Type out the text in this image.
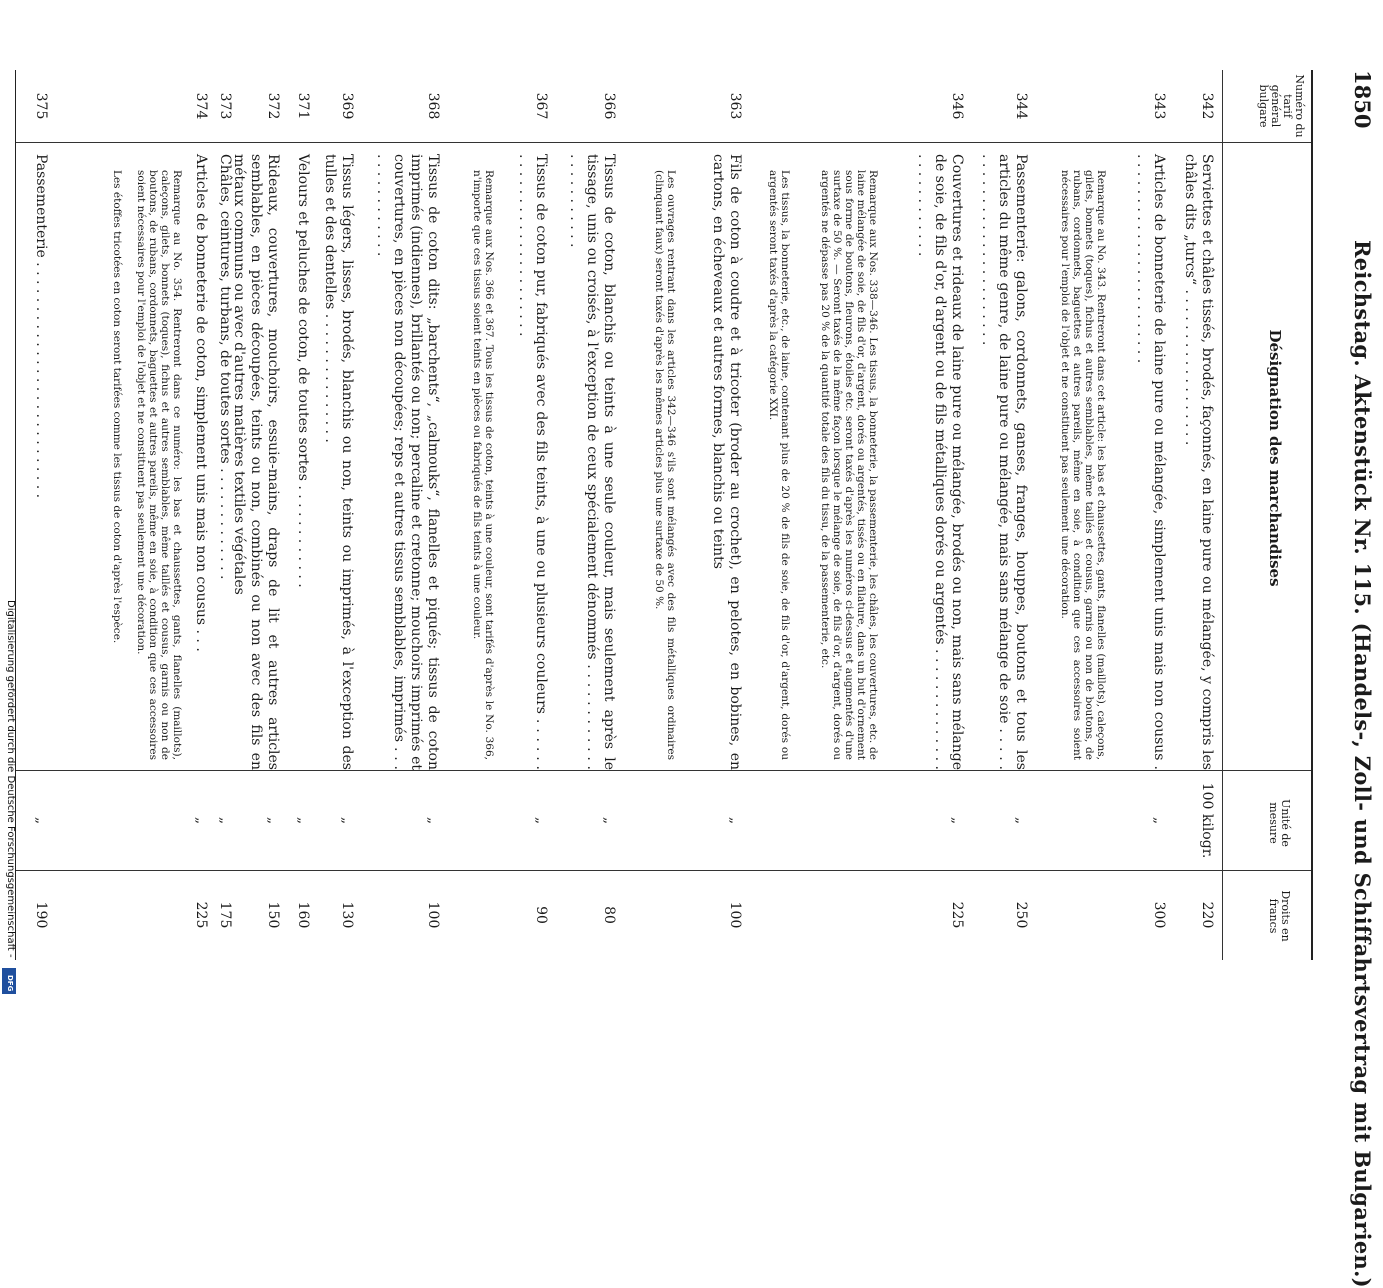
1850
Reichstag. Aktenstück Nr. 115. (Handels-, Zoll- und Schiffahrtsvertrag mit Bulgarien.)
Numéro du tarif général bulgare
Désignation des marchandises
Unité de mesure
Droits en francs
342
Serviettes et châles tissés, brodés, façonnés, en laine pure ou mélangée, y compris les châles dits „turcs“ . . . . . . . . . . . . . . . . . .
100 kilogr.
220
343
Articles de bonneterie de laine pure ou mélangée, simplement unis mais non cousus . . . . . . . . . . . . . . . . . . . . . . . . .
„
300
Remarque au No. 343. Rentreront dans cet article: les bas et chaussettes, gants, flanelles (maillots), caleçons, gilets, bonnets (toques), fichus et autres semblables, même taillés et cousus, garnis ou non de boutons, de rubans, cordonnets, baguettes et autres pareils, même en soie, à condition que ces accessoires soient nécessaires pour l'emploi de l'objet et ne constituent pas seulement une décoration.
344
Passementerie: galons, cordonnets, ganses, franges, houppes, boutons et tous les articles du même genre, de laine pure ou mélangée, mais sans mélange de soie . . . . . . . . . . . . . . . . . . . . . . . . . . .
„
250
346
Couvertures et rideaux de laine pure ou mélangée, brodés ou non, mais sans mélange de soie, de fils d'or, d'argent ou de fils métalliques dorés ou argentés . . . . . . . . . . . . . . . . . . . . . . . . . .
„
225
Remarque aux Nos. 338—346. Les tissus, la bonneterie, la passementerie, les châles, les couvertures, etc. de laine mélangée de soie, de fils d'or, d'argent, dorés ou argentés, tissés ou en filature, dans un but d'ornement sous forme de boutons, fleurons, étoiles etc. seront taxés d'après les numéros ci-dessus et augmentés d'une surtaxe de 50 %. — Seront taxés de la même façon lorsque le mélange de soie, de fils d'or, d'argent, dorés ou argentés ne dépasse pas 20 % de la quantité totale des fils du tissu, de la passementerie, etc.
Les tissus, la bonneterie, etc., de laine, contenant plus de 20 % de fils de soie, de fils d'or, d'argent, dorés ou argentés seront taxés d'après la catégorie XXI.
363
Fils de coton à coudre et à tricoter (broder au crochet), en pelotes, en bobines, en cartons, en écheveaux et autres formes, blanchis ou teints
„
100
Les ouvrages rentrant dans les articles 342—346 s'ils sont mélangés avec des fils métalliques ordinaires (clinquant faux) seront taxés d'après les mêmes articles plus une surtaxe de 50 %.
366
Tissus de coton, blanchis ou teints à une seule couleur, mais seulement après le tissage, unis ou croisés, à l'exception de ceux spécialement dénommés . . . . . . . . . . . . . . . . . . . . . . .
„
80
367
Tissus de coton pur, fabriqués avec des fils teints, à une ou plusieurs couleurs . . . . . . . . . . . . . . . . . . . . . . . . . . .
„
90
Remarque aux Nos. 366 et 367. Tous les tissus de coton, teints à une couleur, sont tarifés d'après le No. 366, n'importe que ces tissus soient teints en pièces ou fabriqués de fils teints à une couleur.
368
Tissus de coton dits: „barchents“, „calmouks“, flanelles et piqués; tissus de coton imprimés (indiennes), brillantés ou non; percaline et cretonne; mouchoirs imprimés et couvertures, en pièces non découpées; reps et autres tissus semblables, imprimés . . . . . . . . . . . . . . .
„
100
369
Tissus légers, lisses, brodés, blanchis ou non, teints ou imprimés, à l'exception des tulles et des dentelles . . . . . . . . . . . . . . .
„
130
371
Velours et peluches de coton, de toutes sortes . . . . . . . . . . . .
„
160
372
Rideaux, couvertures, mouchoirs, essuie-mains, draps de lit et autres articles semblables, en pièces découpées, teints ou non, combinés ou non avec des fils en métaux communs ou avec d'autres matières textiles végétales
„
150
373
Châles, ceintures, turbans, de toutes sortes . . . . . . . . . . . . .
„
175
374
Articles de bonneterie de coton, simplement unis mais non cousus . . .
„
225
Remarque au No. 354. Rentreront dans ce numéro: les bas et chaussettes, gants, flanelles (maillots), caleçons, gilets, bonnets (toques), fichus et autres semblables, même taillés et cousus, garnis ou non de boutons, de rubans, cordonnets, baguettes et autres pareils, même en soie, à condition que ces accessoires soient nécessaires pour l'emploi de l'objet et ne constituent pas seulement une décoration.
Les étoffes tricotées en coton seront tarifées comme les tissus de coton d'après l'espèce.
375
Passementerie . . . . . . . . . . . . . . . . . . . . . . . . . . .
„
190
Digitalisierung gefördert durch die Deutsche Forschungsgemeinschaft -
DFG
